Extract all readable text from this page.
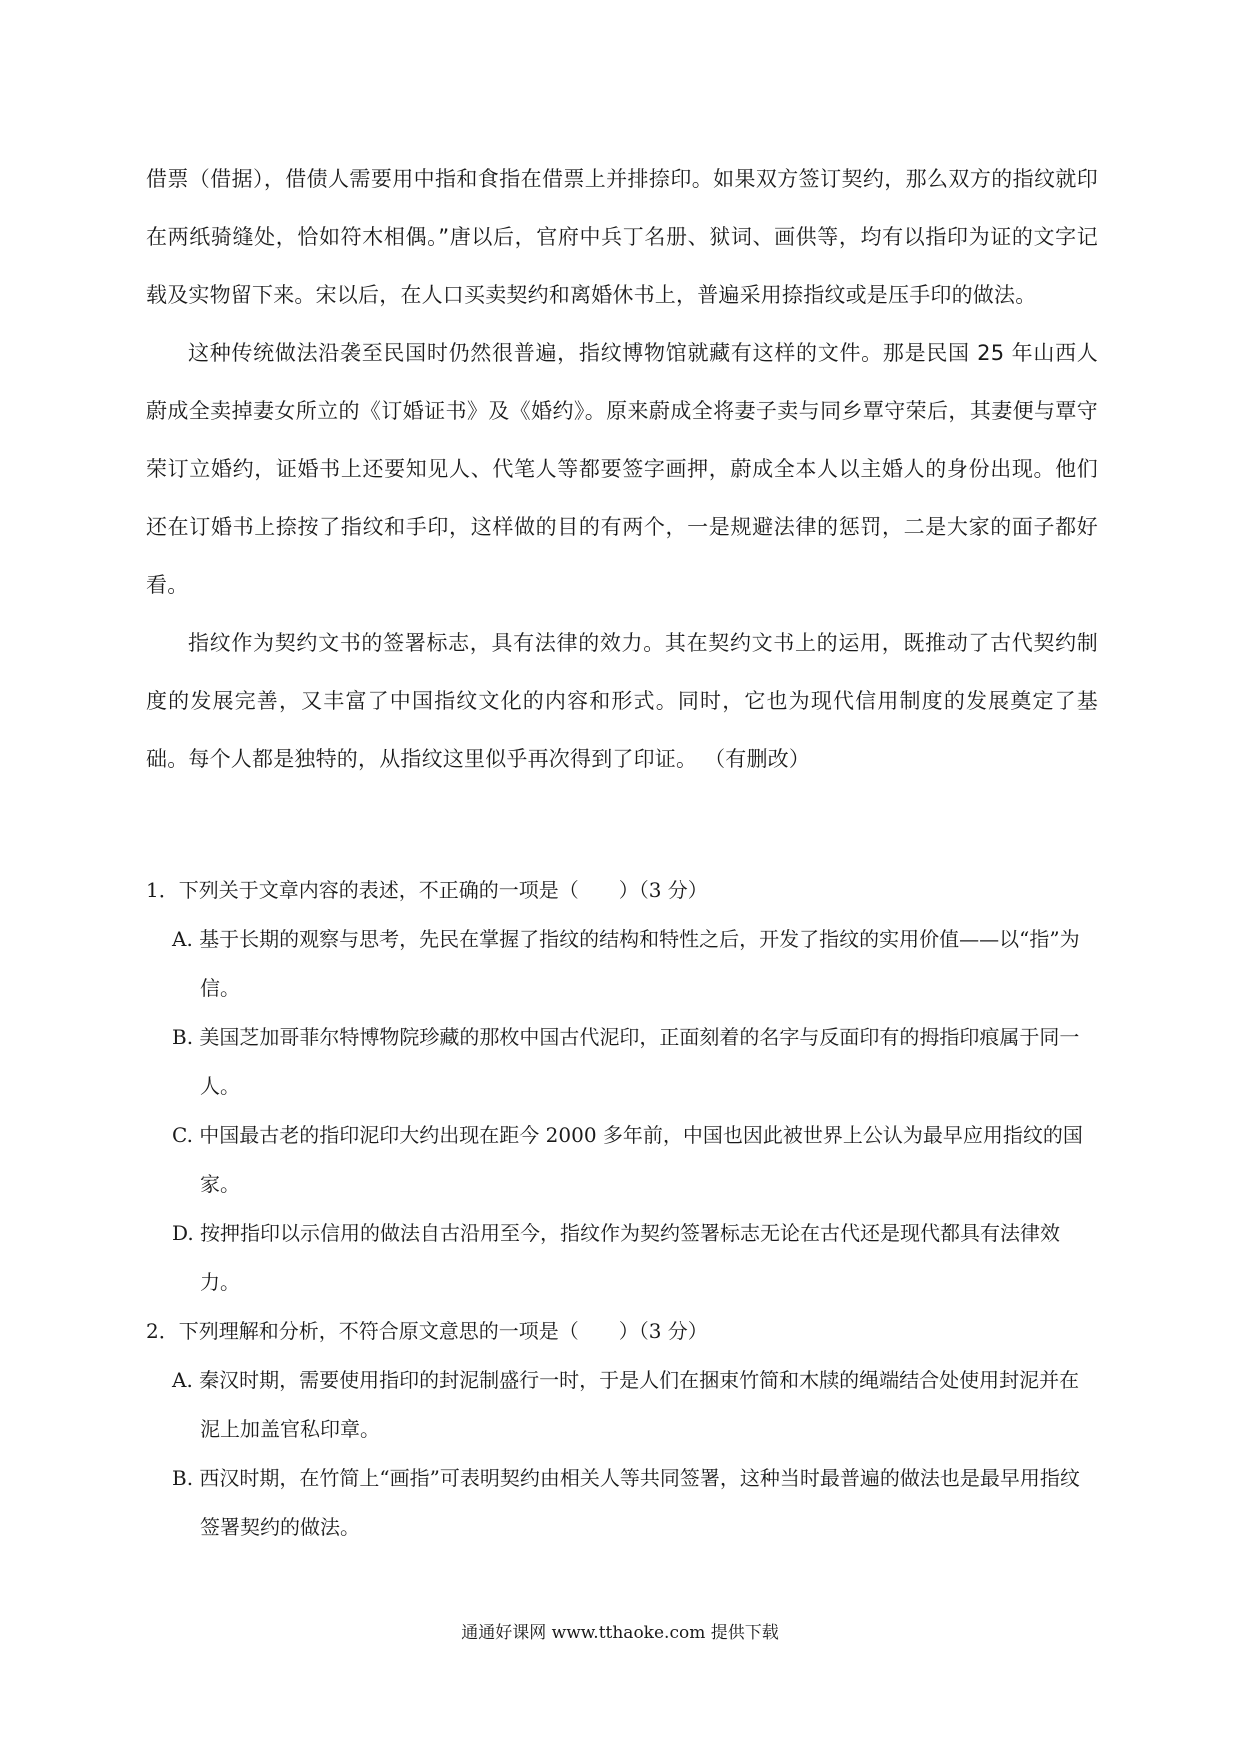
借票（借据），借债人需要用中指和食指在借票上并排捺印。如果双方签订契约，那么双方的指纹就印在两纸骑缝处，恰如符木相偶。”唐以后，官府中兵丁名册、狱词、画供等，均有以指印为证的文字记载及实物留下来。宋以后，在人口买卖契约和离婚休书上，普遍采用捺指纹或是压手印的做法。

这种传统做法沿袭至民国时仍然很普遍，指纹博物馆就藏有这样的文件。那是民国 25 年山西人蔚成全卖掉妻女所立的《订婚证书》及《婚约》。原来蔚成全将妻子卖与同乡覃守荣后，其妻便与覃守荣订立婚约，证婚书上还要知见人、代笔人等都要签字画押，蔚成全本人以主婚人的身份出现。他们还在订婚书上捺按了指纹和手印，这样做的目的有两个，一是规避法律的惩罚，二是大家的面子都好看。

指纹作为契约文书的签署标志，具有法律的效力。其在契约文书上的运用，既推动了古代契约制度的发展完善，又丰富了中国指纹文化的内容和形式。同时，它也为现代信用制度的发展奠定了基础。每个人都是独特的，从指纹这里似乎再次得到了印证。 （有删改）

1．下列关于文章内容的表述，不正确的一项是（　　）（3 分）

A. 基于长期的观察与思考，先民在掌握了指纹的结构和特性之后，开发了指纹的实用价值——以“指”为信。

B. 美国芝加哥菲尔特博物院珍藏的那枚中国古代泥印，正面刻着的名字与反面印有的拇指印痕属于同一人。

C. 中国最古老的指印泥印大约出现在距今 2000 多年前，中国也因此被世界上公认为最早应用指纹的国家。

D. 按押指印以示信用的做法自古沿用至今，指纹作为契约签署标志无论在古代还是现代都具有法律效力。

2．下列理解和分析，不符合原文意思的一项是（　　）（3 分）

A. 秦汉时期，需要使用指印的封泥制盛行一时，于是人们在捆束竹简和木牍的绳端结合处使用封泥并在泥上加盖官私印章。

B. 西汉时期，在竹简上“画指”可表明契约由相关人等共同签署，这种当时最普遍的做法也是最早用指纹签署契约的做法。

通通好课网 www.tthaoke.com 提供下载
